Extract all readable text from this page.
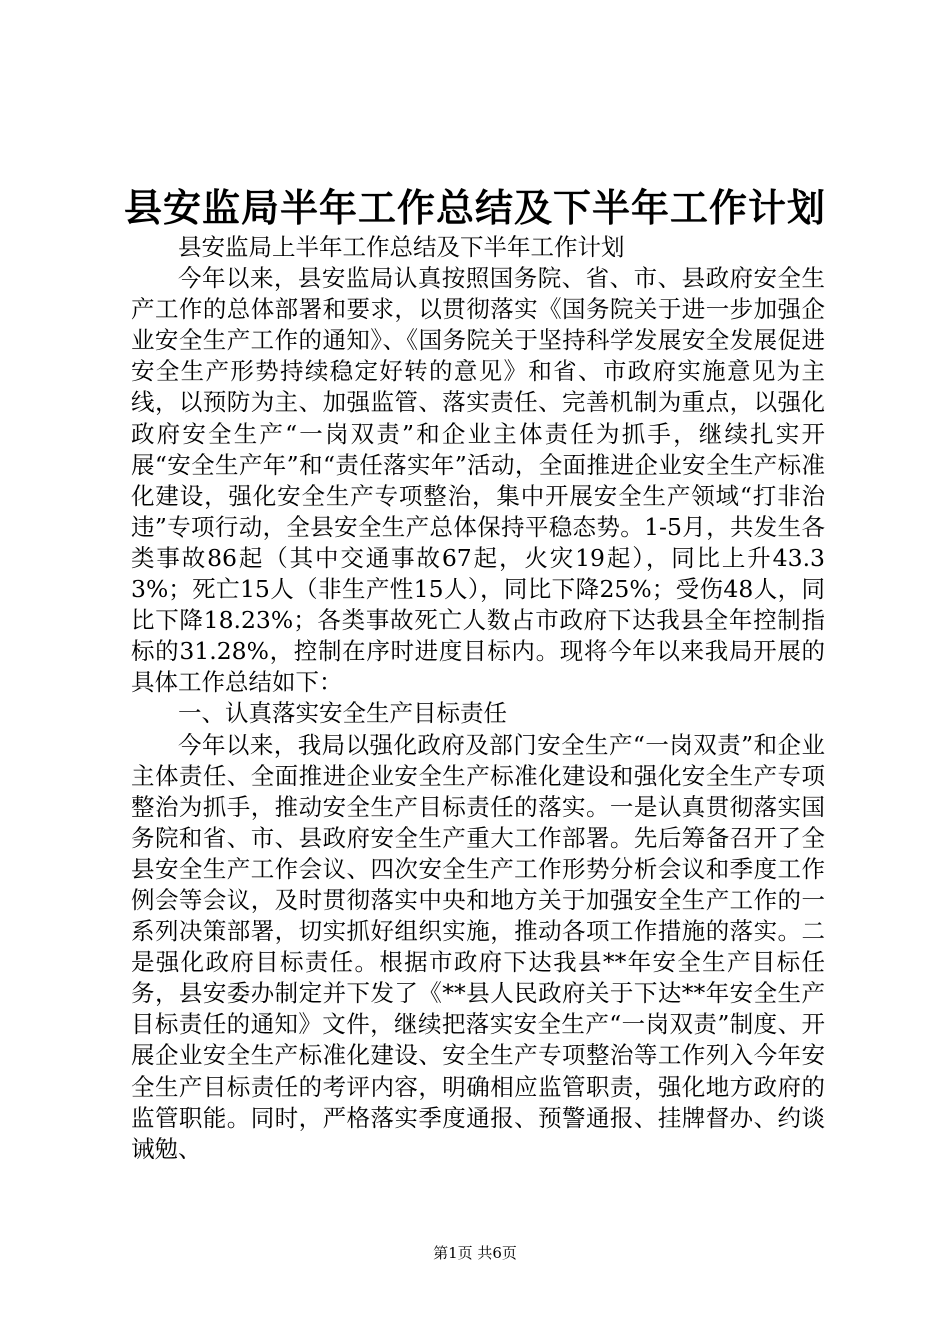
县安监局半年工作总结及下半年工作计划

县安监局上半年工作总结及下半年工作计划

今年以来，县安监局认真按照国务院、省、市、县政府安全生产工作的总体部署和要求，以贯彻落实《国务院关于进一步加强企业安全生产工作的通知》、《国务院关于坚持科学发展安全发展促进安全生产形势持续稳定好转的意见》和省、市政府实施意见为主线，以预防为主、加强监管、落实责任、完善机制为重点，以强化政府安全生产“一岗双责”和企业主体责任为抓手，继续扎实开展“安全生产年”和“责任落实年”活动，全面推进企业安全生产标准化建设，强化安全生产专项整治，集中开展安全生产领域“打非治违”专项行动，全县安全生产总体保持平稳态势。1-5月，共发生各类事故86起（其中交通事故67起，火灾19起），同比上升43.33%；死亡15人（非生产性15人），同比下降25%；受伤48人，同比下降18.23%；各类事故死亡人数占市政府下达我县全年控制指标的31.28%，控制在序时进度目标内。现将今年以来我局开展的具体工作总结如下：

一、认真落实安全生产目标责任

今年以来，我局以强化政府及部门安全生产“一岗双责”和企业主体责任、全面推进企业安全生产标准化建设和强化安全生产专项整治为抓手，推动安全生产目标责任的落实。一是认真贯彻落实国务院和省、市、县政府安全生产重大工作部署。先后筹备召开了全县安全生产工作会议、四次安全生产工作形势分析会议和季度工作例会等会议，及时贯彻落实中央和地方关于加强安全生产工作的一系列决策部署，切实抓好组织实施，推动各项工作措施的落实。二是强化政府目标责任。根据市政府下达我县**年安全生产目标任务，县安委办制定并下发了《**县人民政府关于下达**年安全生产目标责任的通知》文件，继续把落实安全生产“一岗双责”制度、开展企业安全生产标准化建设、安全生产专项整治等工作列入今年安全生产目标责任的考评内容，明确相应监管职责，强化地方政府的监管职能。同时，严格落实季度通报、预警通报、挂牌督办、约谈诫勉、

第1页 共6页
